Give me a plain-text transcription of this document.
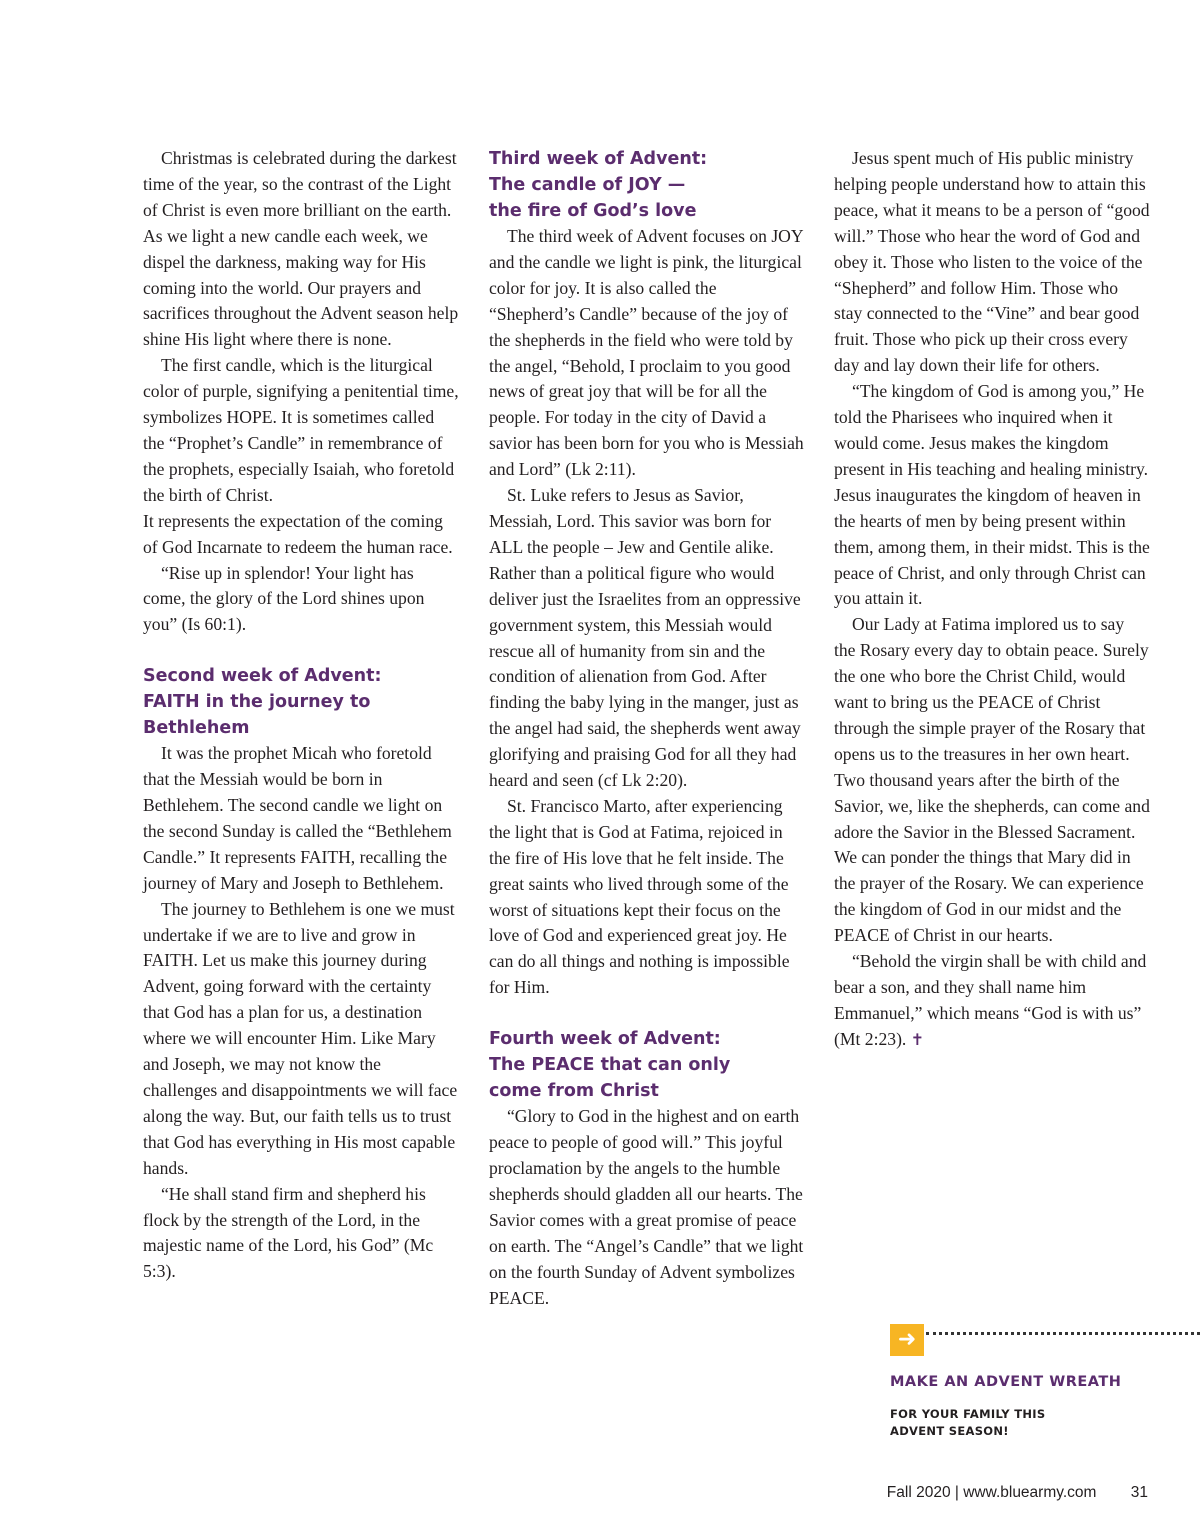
Christmas is celebrated during the darkest time of the year, so the contrast of the Light of Christ is even more brilliant on the earth.
As we light a new candle each week, we dispel the darkness, making way for His coming into the world. Our prayers and sacrifices throughout the Advent season help shine His light where there is none.

The first candle, which is the liturgical color of purple, signifying a penitential time, symbolizes HOPE. It is sometimes called the “Prophet’s Candle” in remembrance of the prophets, especially Isaiah, who foretold the birth of Christ.
It represents the expectation of the coming of God Incarnate to redeem the human race.

“Rise up in splendor! Your light has come, the glory of the Lord shines upon you” (Is 60:1).

Second week of Advent:
FAITH in the journey to
Bethlehem

It was the prophet Micah who foretold that the Messiah would be born in Bethlehem. The second candle we light on the second Sunday is called the “Bethlehem Candle.” It represents FAITH, recalling the journey of Mary and Joseph to Bethlehem.

The journey to Bethlehem is one we must undertake if we are to live and grow in FAITH. Let us make this journey during Advent, going forward with the certainty that God has a plan for us, a destination where we will encounter Him. Like Mary and Joseph, we may not know the challenges and disappointments we will face along the way. But, our faith tells us to trust that God has everything in His most capable hands.

“He shall stand firm and shepherd his flock by the strength of the Lord, in the majestic name of the Lord, his God” (Mc 5:3).

Third week of Advent:
The candle of JOY —
the fire of God’s love

The third week of Advent focuses on JOY and the candle we light is pink, the liturgical color for joy. It is also called the “Shepherd’s Candle” because of the joy of the shepherds in the field who were told by the angel, “Behold, I proclaim to you good news of great joy that will be for all the people. For today in the city of David a savior has been born for you who is Messiah and Lord” (Lk 2:11).

St. Luke refers to Jesus as Savior, Messiah, Lord. This savior was born for ALL the people – Jew and Gentile alike. Rather than a political figure who would deliver just the Israelites from an oppressive government system, this Messiah would rescue all of humanity from sin and the condition of alienation from God. After finding the baby lying in the manger, just as the angel had said, the shepherds went away glorifying and praising God for all they had heard and seen (cf Lk 2:20).

St. Francisco Marto, after experiencing the light that is God at Fatima, rejoiced in the fire of His love that he felt inside. The great saints who lived through some of the worst of situations kept their focus on the love of God and experienced great joy. He can do all things and nothing is impossible for Him.

Fourth week of Advent:
The PEACE that can only
come from Christ

“Glory to God in the highest and on earth peace to people of good will.” This joyful proclamation by the angels to the humble shepherds should gladden all our hearts. The Savior comes with a great promise of peace on earth. The “Angel’s Candle” that we light on the fourth Sunday of Advent symbolizes PEACE.

Jesus spent much of His public ministry helping people understand how to attain this peace, what it means to be a person of “good will.” Those who hear the word of God and obey it. Those who listen to the voice of the “Shepherd” and follow Him. Those who stay connected to the “Vine” and bear good fruit. Those who pick up their cross every day and lay down their life for others.

“The kingdom of God is among you,” He told the Pharisees who inquired when it would come. Jesus makes the kingdom present in His teaching and healing ministry. Jesus inaugurates the kingdom of heaven in the hearts of men by being present within them, among them, in their midst. This is the peace of Christ, and only through Christ can you attain it.

Our Lady at Fatima implored us to say the Rosary every day to obtain peace. Surely the one who bore the Christ Child, would want to bring us the PEACE of Christ through the simple prayer of the Rosary that opens us to the treasures in her own heart. Two thousand years after the birth of the Savior, we, like the shepherds, can come and adore the Savior in the Blessed Sacrament. We can ponder the things that Mary did in the prayer of the Rosary. We can experience the kingdom of God in our midst and the PEACE of Christ in our hearts.

“Behold the virgin shall be with child and bear a son, and they shall name him Emmanuel,” which means “God is with us” (Mt 2:23). ✝

➜
MAKE AN ADVENT WREATH
FOR YOUR FAMILY THIS
ADVENT SEASON!
Fall 2020 | www.bluearmy.com 31
